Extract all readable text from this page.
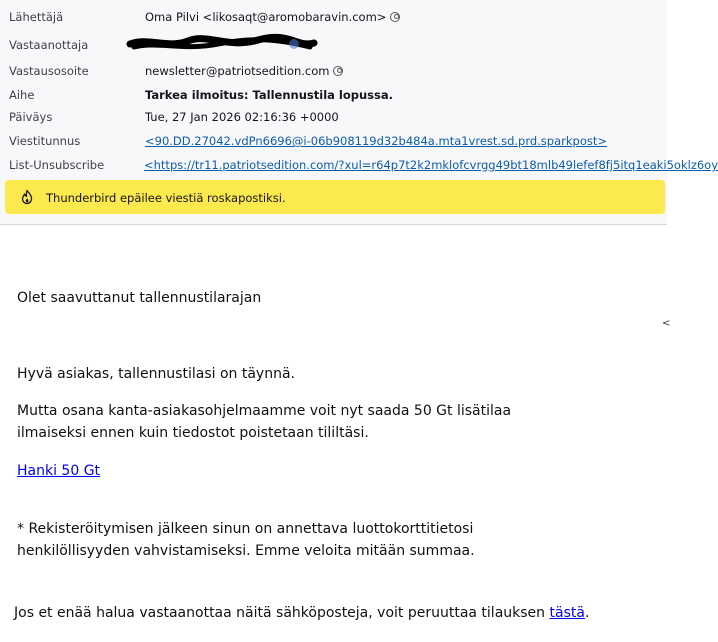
Lähettäjä	Oma Pilvi <likosaqt@aromobaravin.com>
Vastaanottaja
Vastausosoite	newsletter@patriotsedition.com
Aihe	Tarkea ilmoitus: Tallennustila lopussa.
Päiväys	Tue, 27 Jan 2026 02:16:36 +0000
Viestitunnus	<90.DD.27042.vdPn6696@i-06b908119d32b484a.mta1vrest.sd.prd.sparkpost>
List-Unsubscribe	<https://tr11.patriotsedition.com/?xul=r64p7t2k2mklofcvrgg49bt18mlb49lefef8fj5itq1eaki5oklz6oy
Thunderbird epäilee viestiä roskapostiksi.
Olet saavuttanut tallennustilarajan
Hyvä asiakas, tallennustilasi on täynnä.
Mutta osana kanta-asiakasohjelmaamme voit nyt saada 50 Gt lisätilaa
ilmaiseksi ennen kuin tiedostot poistetaan tililtäsi.
Hanki 50 Gt
* Rekisteröitymisen jälkeen sinun on annettava luottokorttitietosi
henkilöllisyyden vahvistamiseksi. Emme veloita mitään summaa.
Jos et enää halua vastaanottaa näitä sähköposteja, voit peruuttaa tilauksen tästä.
<
